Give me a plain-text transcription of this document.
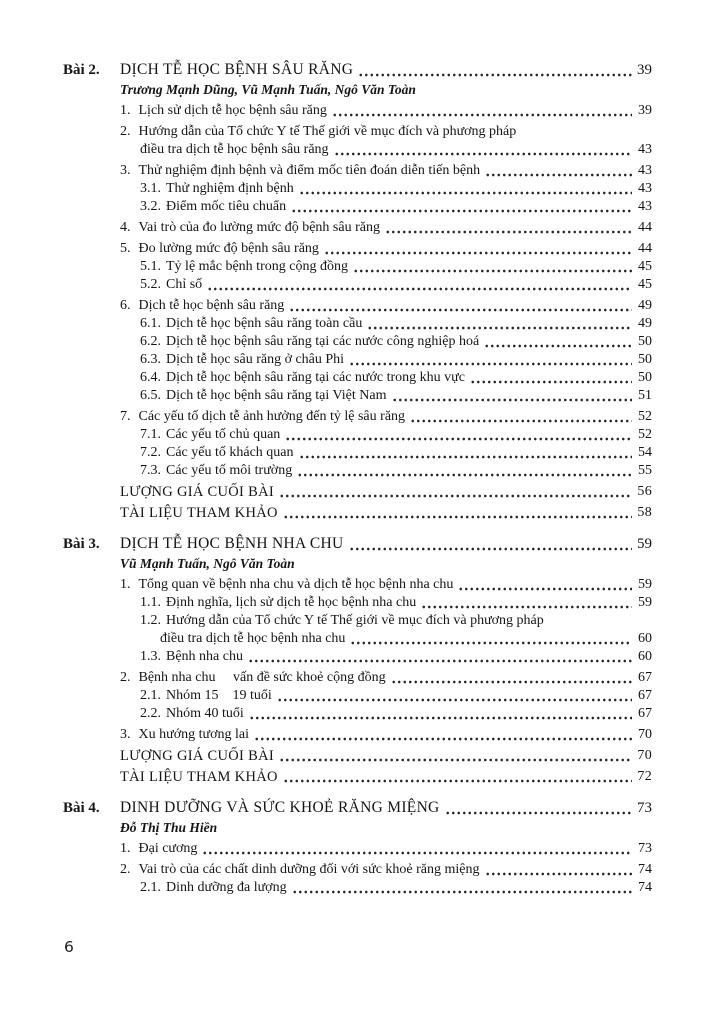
Bài 2.	DỊCH TỄ HỌC BỆNH SÂU RĂNG	39
Trương Mạnh Dũng, Vũ Mạnh Tuấn, Ngô Văn Toàn
1. Lịch sử dịch tễ học bệnh sâu răng	39
2. Hướng dẫn của Tổ chức Y tế Thế giới về mục đích và phương pháp
điều tra dịch tễ học bệnh sâu răng	43
3. Thử nghiệm định bệnh và điểm mốc tiên đoán diễn tiến bệnh	43
3.1. Thử nghiệm định bệnh	43
3.2. Điểm mốc tiêu chuẩn	43
4. Vai trò của đo lường mức độ bệnh sâu răng	44
5. Đo lường mức độ bệnh sâu răng	44
5.1. Tỷ lệ mắc bệnh trong cộng đồng	45
5.2. Chỉ số	45
6. Dịch tễ học bệnh sâu răng	49
6.1. Dịch tễ học bệnh sâu răng toàn cầu	49
6.2. Dịch tễ học bệnh sâu răng tại các nước công nghiệp hoá	50
6.3. Dịch tễ học sâu răng ở châu Phi	50
6.4. Dịch tễ học bệnh sâu răng tại các nước trong khu vực	50
6.5. Dịch tễ học bệnh sâu răng tại Việt Nam	51
7. Các yếu tố dịch tễ ảnh hưởng đến tỷ lệ sâu răng	52
7.1. Các yếu tố chủ quan	52
7.2. Các yếu tố khách quan	54
7.3. Các yếu tố môi trường	55
LƯỢNG GIÁ CUỐI BÀI	56
TÀI LIỆU THAM KHẢO	58
Bài 3.	DỊCH TỄ HỌC BỆNH NHA CHU	59
Vũ Mạnh Tuấn, Ngô Văn Toàn
1. Tổng quan về bệnh nha chu và dịch tễ học bệnh nha chu	59
1.1. Định nghĩa, lịch sử dịch tễ học bệnh nha chu	59
1.2. Hướng dẫn của Tổ chức Y tế Thế giới về mục đích và phương pháp
điều tra dịch tễ học bệnh nha chu	60
1.3. Bệnh nha chu	60
2. Bệnh nha chu  vấn đề sức khoẻ cộng đồng	67
2.1. Nhóm 15   19 tuổi	67
2.2. Nhóm 40 tuổi	67
3. Xu hướng tương lai	70
LƯỢNG GIÁ CUỐI BÀI	70
TÀI LIỆU THAM KHẢO	72
Bài 4.	DINH DƯỠNG VÀ SỨC KHOẺ RĂNG MIỆNG	73
Đỗ Thị Thu Hiền
1. Đại cương	73
2. Vai trò của các chất dinh dưỡng đối với sức khoẻ răng miệng	74
2.1. Dinh dưỡng đa lượng	74
6
